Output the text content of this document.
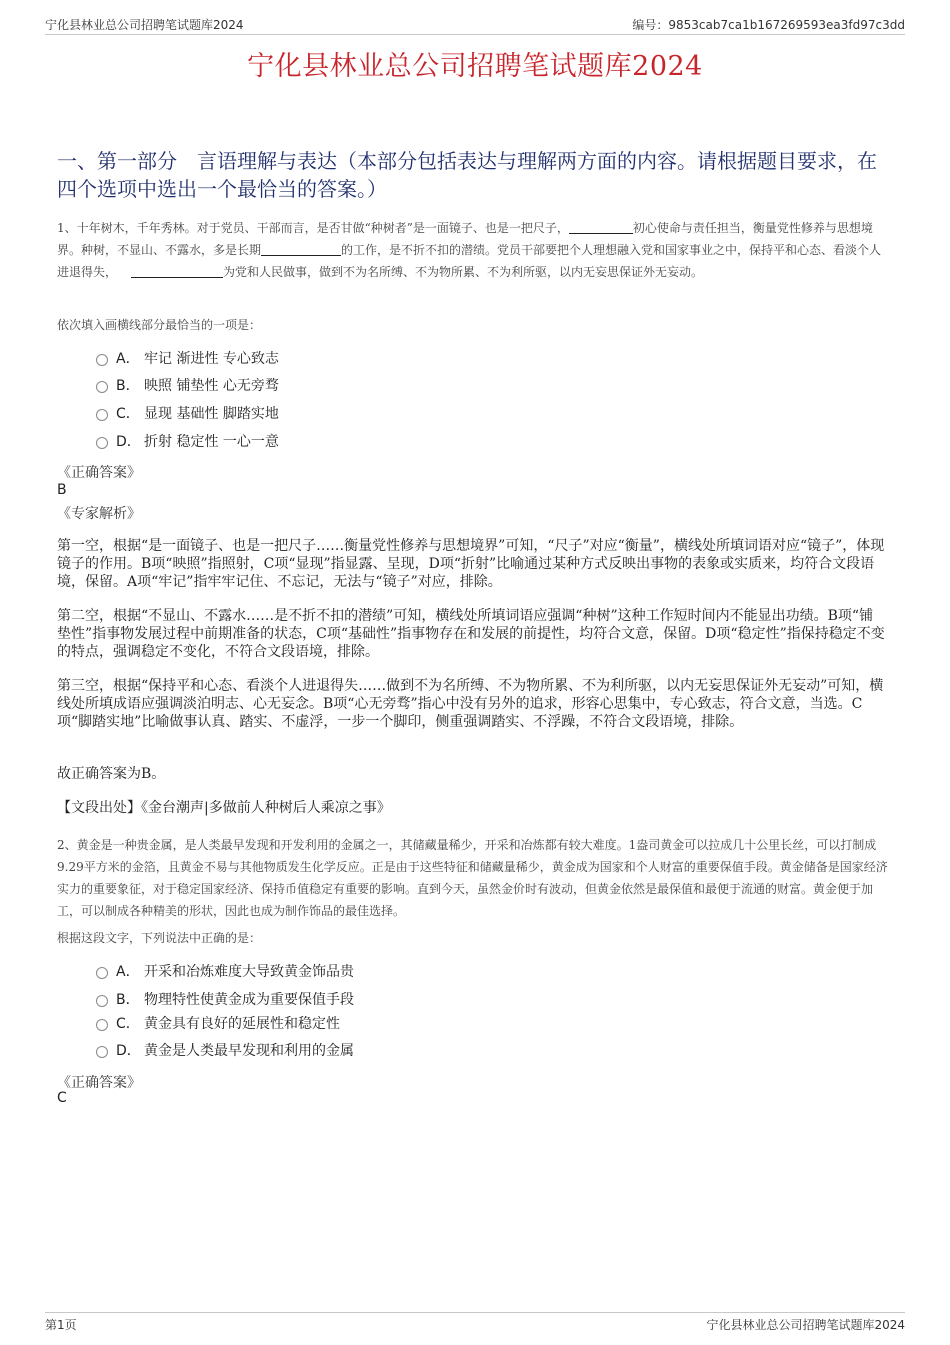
宁化县林业总公司招聘笔试题库2024	编号：9853cab7ca1b167269593ea3fd97c3dd
宁化县林业总公司招聘笔试题库2024
一、第一部分　言语理解与表达（本部分包括表达与理解两方面的内容。请根据题目要求，在四个选项中选出一个最恰当的答案。）
1、十年树木，千年秀林。对于党员、干部而言，是否甘做“种树者”是一面镜子、也是一把尺子，	初心使命与责任担当，衡量党性修养与思想境界。种树，不显山、不露水，多是长期	的工作，是不折不扣的潜绩。党员干部要把个人理想融入党和国家事业之中，保持平和心态、看淡个人进退得失，	为党和人民做事，做到不为名所缚、不为物所累、不为利所驱，以内无妄思保证外无妄动。
依次填入画横线部分最恰当的一项是：
A． 牢记 渐进性 专心致志
B． 映照 铺垫性 心无旁骛
C． 显现 基础性 脚踏实地
D． 折射 稳定性 一心一意
《正确答案》
B
《专家解析》
第一空，根据“是一面镜子、也是一把尺子……衡量党性修养与思想境界”可知，“尺子”对应“衡量”，横线处所填词语对应“镜子”，体现镜子的作用。B项“映照”指照射，C项“显现”指显露、呈现，D项“折射”比喻通过某种方式反映出事物的表象或实质来，均符合文段语境，保留。A项“牢记”指牢牢记住、不忘记，无法与“镜子”对应，排除。
第二空，根据“不显山、不露水……是不折不扣的潜绩”可知，横线处所填词语应强调“种树”这种工作短时间内不能显出功绩。B项“铺垫性”指事物发展过程中前期准备的状态，C项“基础性”指事物存在和发展的前提性，均符合文意，保留。D项“稳定性”指保持稳定不变的特点，强调稳定不变化，不符合文段语境，排除。
第三空，根据“保持平和心态、看淡个人进退得失……做到不为名所缚、不为物所累、不为利所驱，以内无妄思保证外无妄动”可知，横线处所填成语应强调淡泊明志、心无妄念。B项“心无旁骛”指心中没有另外的追求，形容心思集中，专心致志，符合文意，当选。C项“脚踏实地”比喻做事认真、踏实、不虚浮，一步一个脚印，侧重强调踏实、不浮躁，不符合文段语境，排除。
故正确答案为B。
【文段出处】《金台潮声|多做前人种树后人乘凉之事》
2、黄金是一种贵金属，是人类最早发现和开发利用的金属之一，其储藏量稀少，开采和冶炼都有较大难度。1盎司黄金可以拉成几十公里长丝，可以打制成9.29平方米的金箔，且黄金不易与其他物质发生化学反应。正是由于这些特征和储藏量稀少，黄金成为国家和个人财富的重要保值手段。黄金储备是国家经济实力的重要象征，对于稳定国家经济、保持币值稳定有重要的影响。直到今天，虽然金价时有波动，但黄金依然是最保值和最便于流通的财富。黄金便于加工，可以制成各种精美的形状，因此也成为制作饰品的最佳选择。
根据这段文字，下列说法中正确的是：
A． 开采和冶炼难度大导致黄金饰品贵
B． 物理特性使黄金成为重要保值手段
C． 黄金具有良好的延展性和稳定性
D． 黄金是人类最早发现和利用的金属
《正确答案》
C
第1页	宁化县林业总公司招聘笔试题库2024
